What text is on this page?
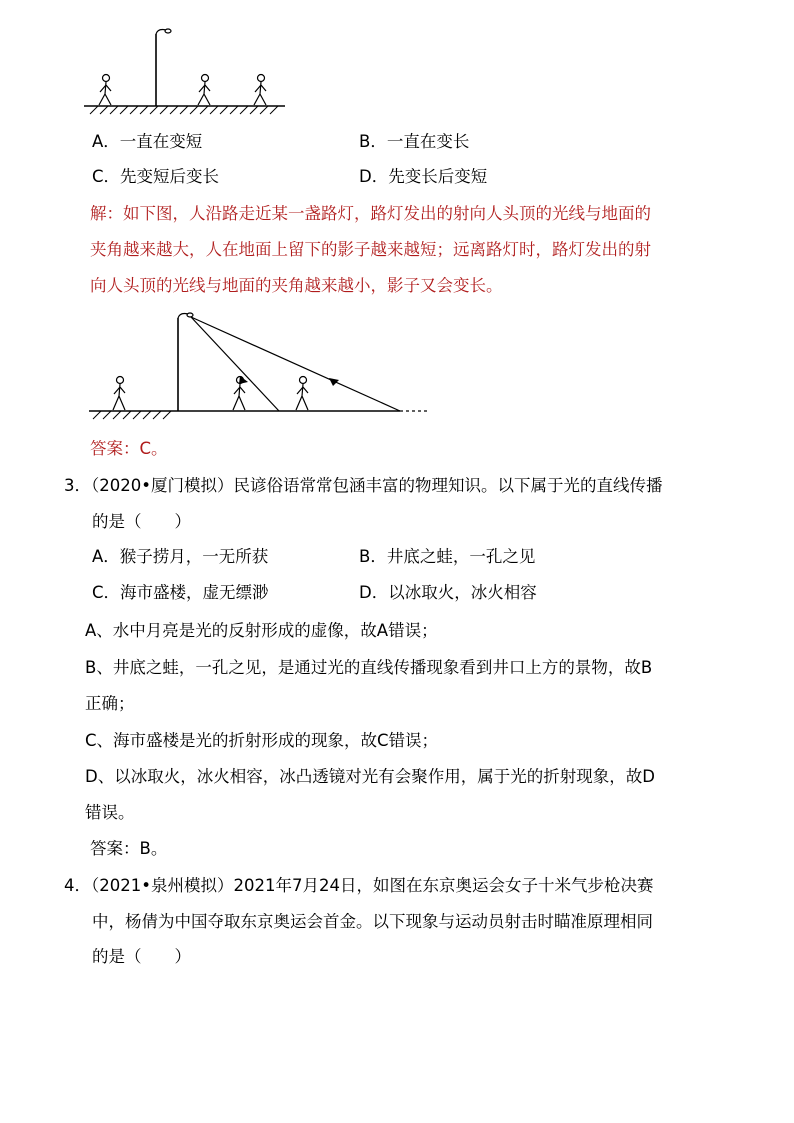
A．一直在变短	B．一直在变长
C．先变短后变长	D．先变长后变短
解：如下图，人沿路走近某一盏路灯，路灯发出的射向人头顶的光线与地面的
夹角越来越大，人在地面上留下的影子越来越短；远离路灯时，路灯发出的射
向人头顶的光线与地面的夹角越来越小，影子又会变长。
答案：C。
3．（2020•厦门模拟）民谚俗语常常包涵丰富的物理知识。以下属于光的直线传播
的是（　　）
A．猴子捞月，一无所获	B．井底之蛙，一孔之见
C．海市盛楼，虚无缥渺	D．以冰取火，冰火相容
A、水中月亮是光的反射形成的虚像，故A错误；
B、井底之蛙，一孔之见，是通过光的直线传播现象看到井口上方的景物，故B
正确；
C、海市盛楼是光的折射形成的现象，故C错误；
D、以冰取火，冰火相容，冰凸透镜对光有会聚作用，属于光的折射现象，故D
错误。
答案：B。
4．（2021•泉州模拟）2021年7月24日，如图在东京奥运会女子十米气步枪决赛
中，杨倩为中国夺取东京奥运会首金。以下现象与运动员射击时瞄准原理相同
的是（　　）
